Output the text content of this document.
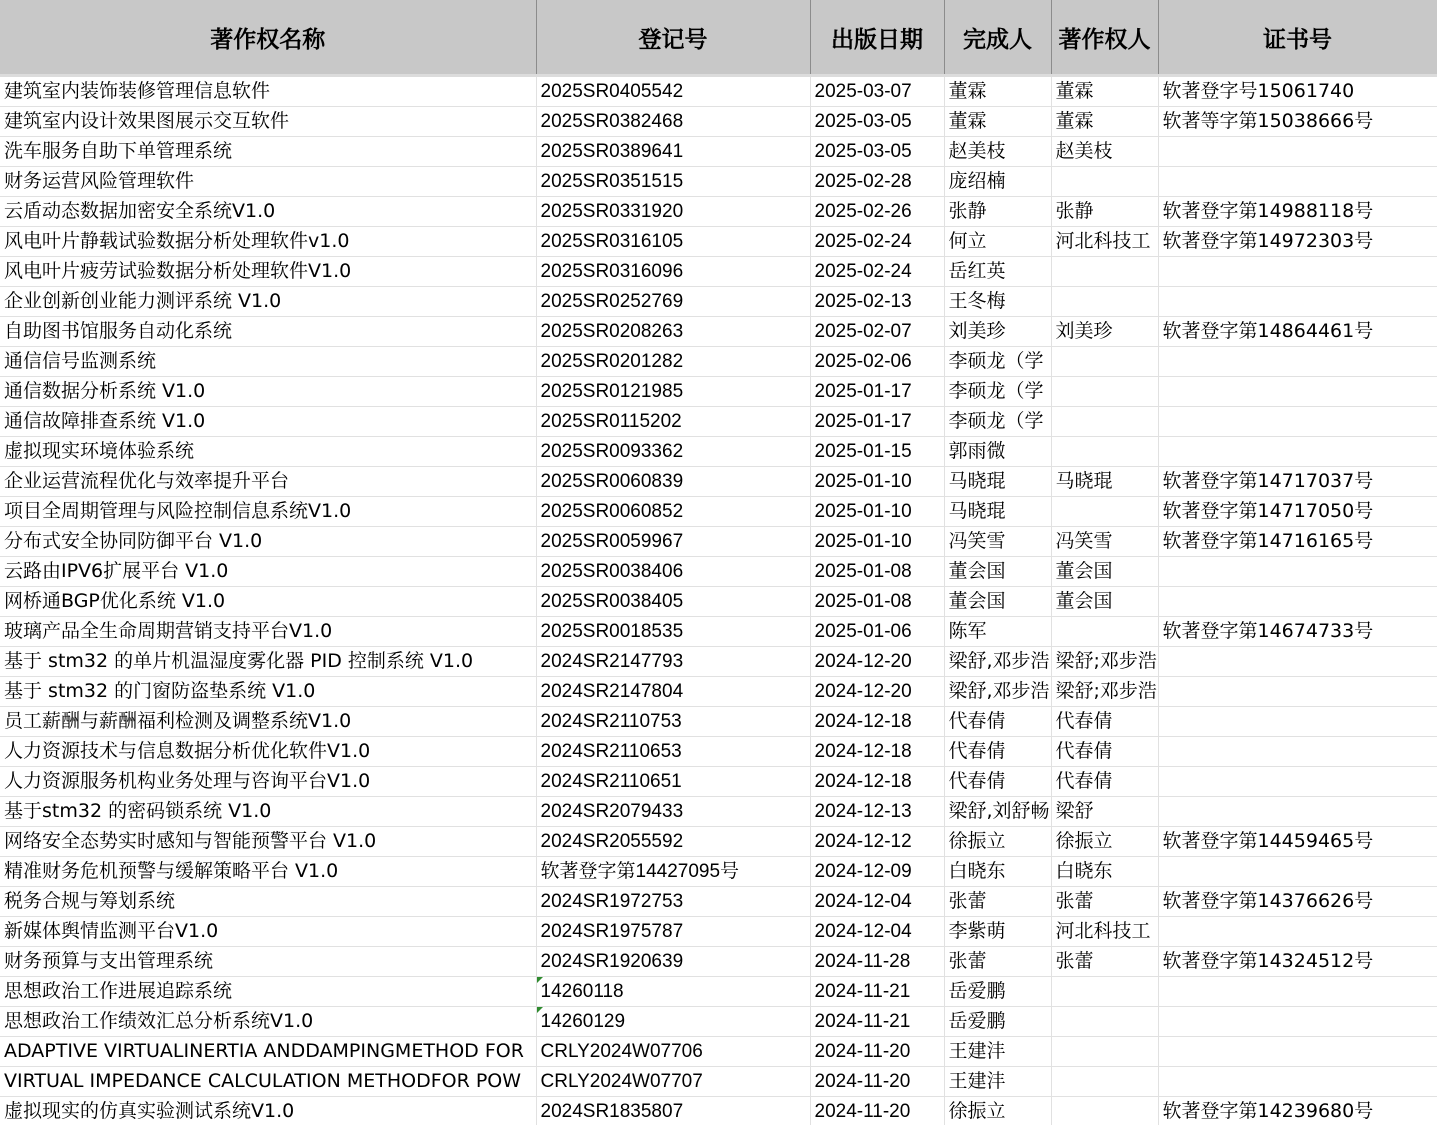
著作权名称	登记号	出版日期	完成人	著作权人	证书号
建筑室内装饰装修管理信息软件	2025SR0405542	2025-03-07	董霖	董霖	软著登字号15061740
建筑室内设计效果图展示交互软件	2025SR0382468	2025-03-05	董霖	董霖	软著等字第15038666号
洗车服务自助下单管理系统	2025SR0389641	2025-03-05	赵美枝	赵美枝	
财务运营风险管理软件	2025SR0351515	2025-02-28	庞绍楠		
云盾动态数据加密安全系统V1.0	2025SR0331920	2025-02-26	张静	张静	软著登字第14988118号
风电叶片静载试验数据分析处理软件v1.0	2025SR0316105	2025-02-24	何立	河北科技工	软著登字第14972303号
风电叶片疲劳试验数据分析处理软件V1.0	2025SR0316096	2025-02-24	岳红英		
企业创新创业能力测评系统 V1.0	2025SR0252769	2025-02-13	王冬梅		
自助图书馆服务自动化系统	2025SR0208263	2025-02-07	刘美珍	刘美珍	软著登字第14864461号
通信信号监测系统	2025SR0201282	2025-02-06	李硕龙（学		
通信数据分析系统 V1.0	2025SR0121985	2025-01-17	李硕龙（学		
通信故障排查系统 V1.0	2025SR0115202	2025-01-17	李硕龙（学		
虚拟现实环境体验系统	2025SR0093362	2025-01-15	郭雨微		
企业运营流程优化与效率提升平台	2025SR0060839	2025-01-10	马晓琨	马晓琨	软著登字第14717037号
项目全周期管理与风险控制信息系统V1.0	2025SR0060852	2025-01-10	马晓琨		软著登字第14717050号
分布式安全协同防御平台 V1.0	2025SR0059967	2025-01-10	冯笑雪	冯笑雪	软著登字第14716165号
云路由IPV6扩展平台 V1.0	2025SR0038406	2025-01-08	董会国	董会国	
网桥通BGP优化系统 V1.0	2025SR0038405	2025-01-08	董会国	董会国	
玻璃产品全生命周期营销支持平台V1.0	2025SR0018535	2025-01-06	陈军		软著登字第14674733号
基于 stm32 的单片机温湿度雾化器 PID 控制系统 V1.0	2024SR2147793	2024-12-20	梁舒,邓步浩	梁舒;邓步浩	
基于 stm32 的门窗防盗垫系统 V1.0	2024SR2147804	2024-12-20	梁舒,邓步浩	梁舒;邓步浩	
员工薪酬与薪酬福利检测及调整系统V1.0	2024SR2110753	2024-12-18	代春倩	代春倩	
人力资源技术与信息数据分析优化软件V1.0	2024SR2110653	2024-12-18	代春倩	代春倩	
人力资源服务机构业务处理与咨询平台V1.0	2024SR2110651	2024-12-18	代春倩	代春倩	
基于stm32 的密码锁系统 V1.0	2024SR2079433	2024-12-13	梁舒,刘舒畅	梁舒	
网络安全态势实时感知与智能预警平台 V1.0	2024SR2055592	2024-12-12	徐振立	徐振立	软著登字第14459465号
精准财务危机预警与缓解策略平台 V1.0	软著登字第14427095号	2024-12-09	白晓东	白晓东	
税务合规与筹划系统	2024SR1972753	2024-12-04	张蕾	张蕾	软著登字第14376626号
新媒体舆情监测平台V1.0	2024SR1975787	2024-12-04	李紫萌	河北科技工	
财务预算与支出管理系统	2024SR1920639	2024-11-28	张蕾	张蕾	软著登字第14324512号
思想政治工作进展追踪系统	14260118	2024-11-21	岳爱鹏		
思想政治工作绩效汇总分析系统V1.0	14260129	2024-11-21	岳爱鹏		
ADAPTIVE VIRTUALINERTIA ANDDAMPINGMETHOD FOR	CRLY2024W07706	2024-11-20	王建沣		
VIRTUAL IMPEDANCE CALCULATION METHODFOR POW	CRLY2024W07707	2024-11-20	王建沣		
虚拟现实的仿真实验测试系统V1.0	2024SR1835807	2024-11-20	徐振立		软著登字第14239680号
